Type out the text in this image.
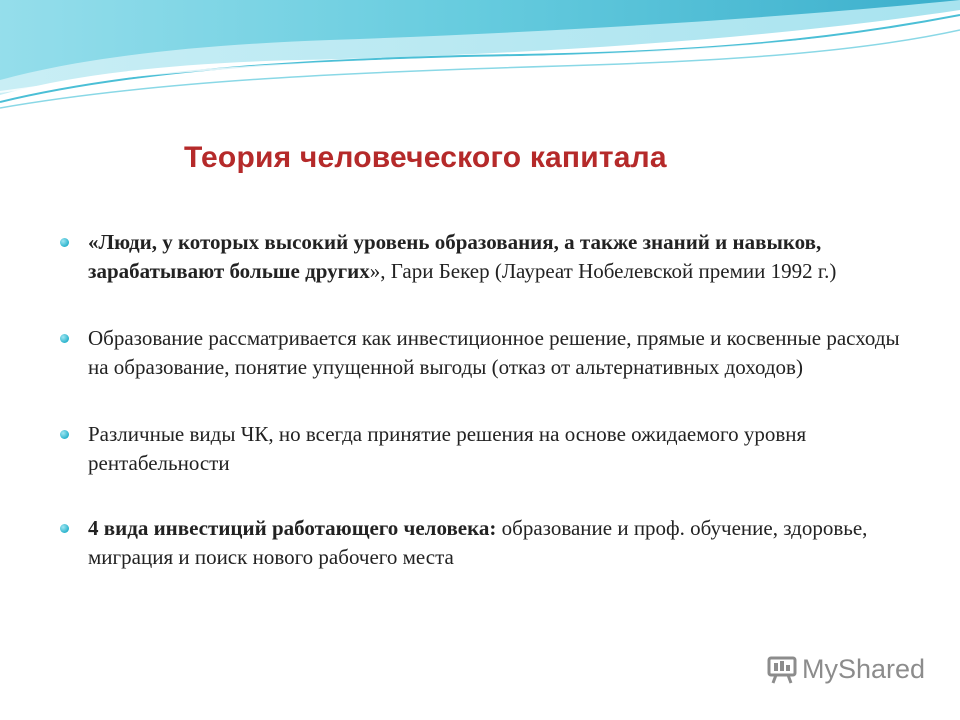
Теория человеческого капитала
«Люди, у которых высокий уровень образования, а также знаний и навыков, зарабатывают больше других», Гари Бекер (Лауреат Нобелевской премии 1992 г.)
Образование рассматривается как инвестиционное решение, прямые и косвенные расходы на образование, понятие упущенной выгоды (отказ от альтернативных доходов)
Различные виды ЧК, но всегда принятие решения на основе ожидаемого уровня рентабельности
4 вида инвестиций работающего человека: образование и проф. обучение, здоровье, миграция и поиск нового рабочего места
MyShared
